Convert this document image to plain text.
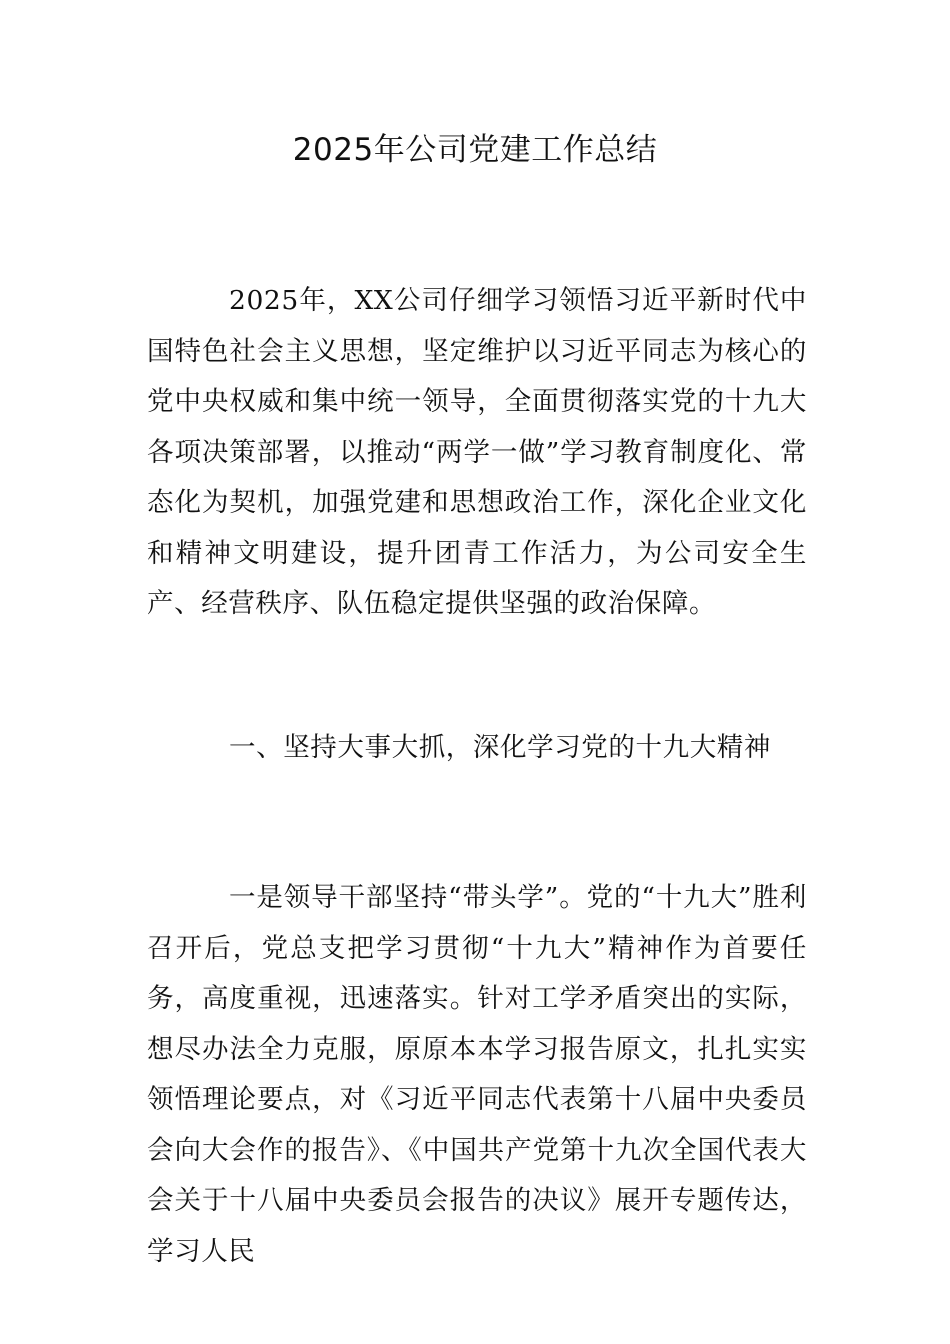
2025年公司党建工作总结

2025年，XX公司仔细学习领悟习近平新时代中国特色社会主义思想，坚定维护以习近平同志为核心的党中央权威和集中统一领导，全面贯彻落实党的十九大各项决策部署，以推动“两学一做”学习教育制度化、常态化为契机，加强党建和思想政治工作，深化企业文化和精神文明建设，提升团青工作活力，为公司安全生产、经营秩序、队伍稳定提供坚强的政治保障。

一、坚持大事大抓，深化学习党的十九大精神

一是领导干部坚持“带头学”。党的“十九大”胜利召开后，党总支把学习贯彻“十九大”精神作为首要任务，高度重视，迅速落实。针对工学矛盾突出的实际，想尽办法全力克服，原原本本学习报告原文，扎扎实实领悟理论要点，对《习近平同志代表第十八届中央委员会向大会作的报告》、《中国共产党第十九次全国代表大会关于十八届中央委员会报告的决议》展开专题传达，学习人民
